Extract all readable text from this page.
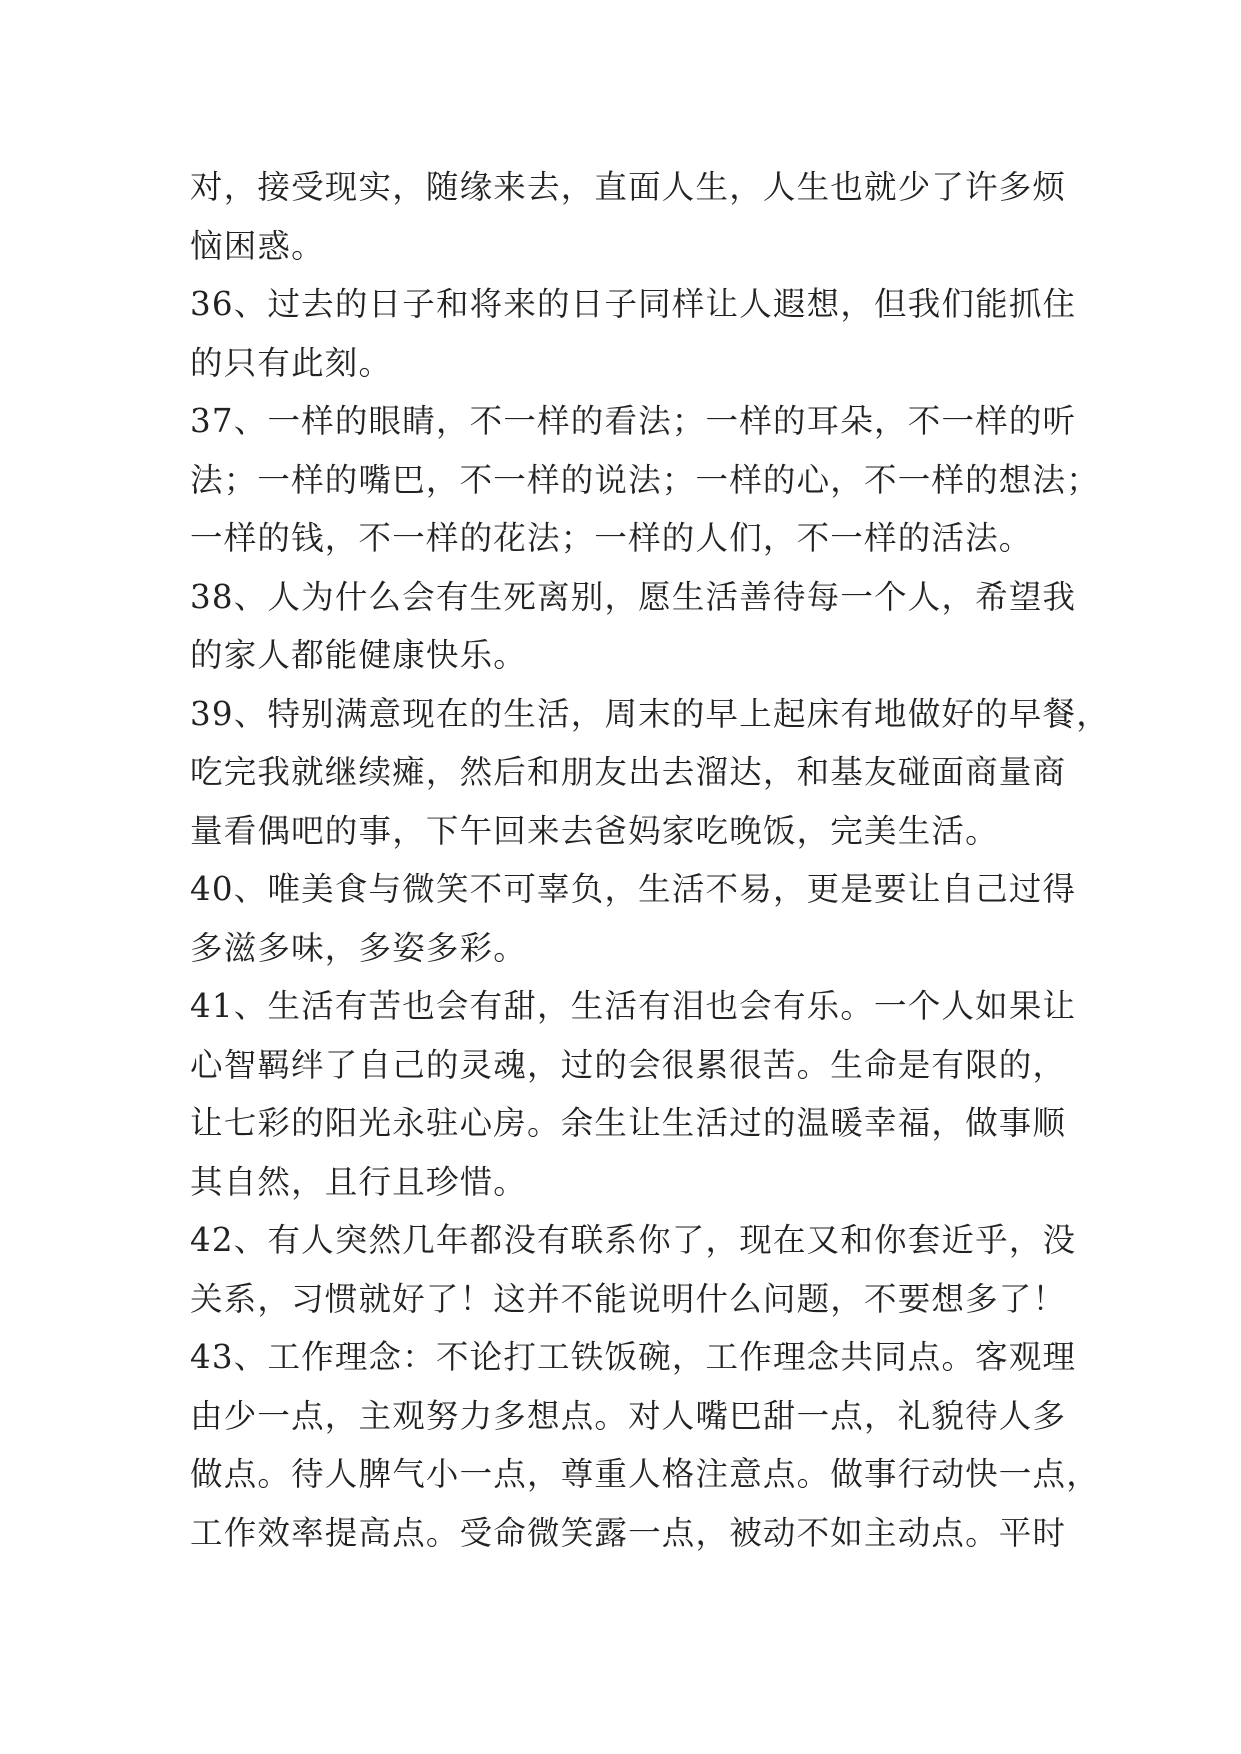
对，接受现实，随缘来去，直面人生，人生也就少了许多烦
恼困惑。
36、过去的日子和将来的日子同样让人遐想，但我们能抓住
的只有此刻。
37、一样的眼睛，不一样的看法；一样的耳朵，不一样的听
法；一样的嘴巴，不一样的说法；一样的心，不一样的想法；
一样的钱，不一样的花法；一样的人们，不一样的活法。
38、人为什么会有生死离别，愿生活善待每一个人，希望我
的家人都能健康快乐。
39、特别满意现在的生活，周末的早上起床有地做好的早餐，
吃完我就继续瘫，然后和朋友出去溜达，和基友碰面商量商
量看偶吧的事，下午回来去爸妈家吃晚饭，完美生活。
40、唯美食与微笑不可辜负，生活不易，更是要让自己过得
多滋多味，多姿多彩。
41、生活有苦也会有甜，生活有泪也会有乐。一个人如果让
心智羁绊了自己的灵魂，过的会很累很苦。生命是有限的，
让七彩的阳光永驻心房。余生让生活过的温暖幸福，做事顺
其自然，且行且珍惜。
42、有人突然几年都没有联系你了，现在又和你套近乎，没
关系，习惯就好了！这并不能说明什么问题，不要想多了！
43、工作理念：不论打工铁饭碗，工作理念共同点。客观理
由少一点，主观努力多想点。对人嘴巴甜一点，礼貌待人多
做点。待人脾气小一点，尊重人格注意点。做事行动快一点，
工作效率提高点。受命微笑露一点，被动不如主动点。平时
